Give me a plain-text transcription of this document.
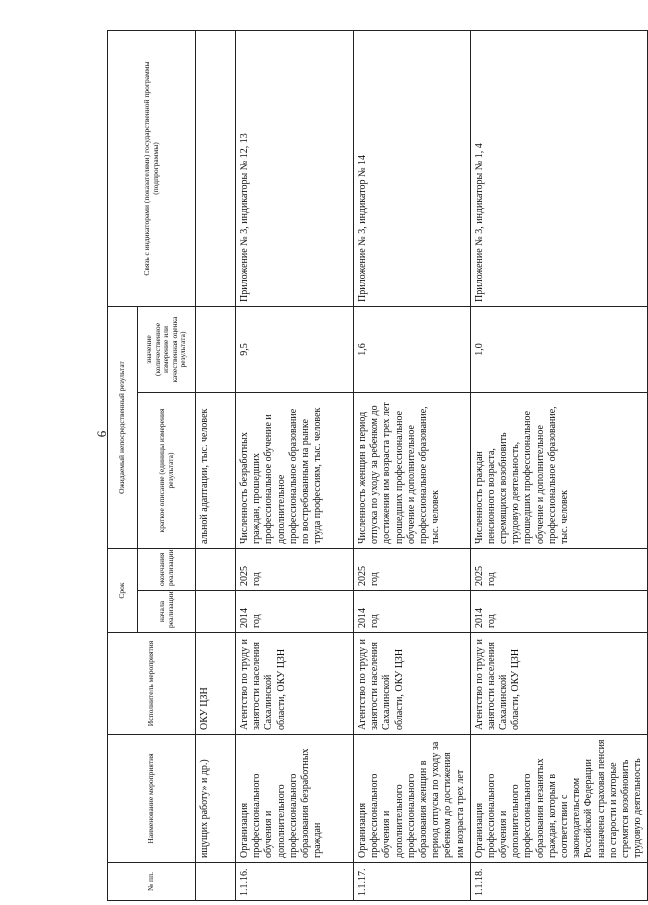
6
№ пп.	Наименование мероприятия	Исполнитель мероприятия	Срок		Ожидаемый непосредственный результат		Связь с индикаторами (показателями) государственной программы (подпрограммы)
			начала реализации	окончания реализации	краткое описание (единицы измерения результата)	значение (количественное измерение или качественная оценка результата)	
	ищущих работу» и др.)	ОКУ ЦЗН			альной адаптации, тыс. человек		
1.1.16.	Организация профессионального обучения и дополнительного профессионального образования безработных граждан	Агентство по труду и занятости населения Сахалинской области, ОКУ ЦЗН	2014 год	2025 год	Численность безработных граждан, прошедших профессиональное обучение и дополнительное профессиональное образование по востребованным на рынке труда профессиям, тыс. человек	9,5	Приложение № 3, индикаторы № 12, 13
1.1.17.	Организация профессионального обучения и дополнительного профессионального образования женщин в период отпуска по уходу за ребенком до достижения им возраста трех лет	Агентство по труду и занятости населения Сахалинской области, ОКУ ЦЗН	2014 год	2025 год	Численность женщин в период отпуска по уходу за ребенком до достижения им возраста трех лет прошедших профессиональное обучение и дополнительное профессиональное образование, тыс. человек	1,6	Приложение № 3, индикатор № 14
1.1.18.	Организация профессионального обучения и дополнительного профессионального образования незанятых граждан, которым в соответствии с законодательством Российской Федерации назначена страховая пенсия по старости и которые стремятся возобновить трудовую деятельность	Агентство по труду и занятости населения Сахалинской области, ОКУ ЦЗН	2014 год	2025 год	Численность граждан пенсионного возраста, стремящихся возобновить трудовую деятельность, прошедших профессиональное обучение и дополнительное профессиональное образование, тыс. человек	1,0	Приложение № 3, индикаторы № 1, 4
